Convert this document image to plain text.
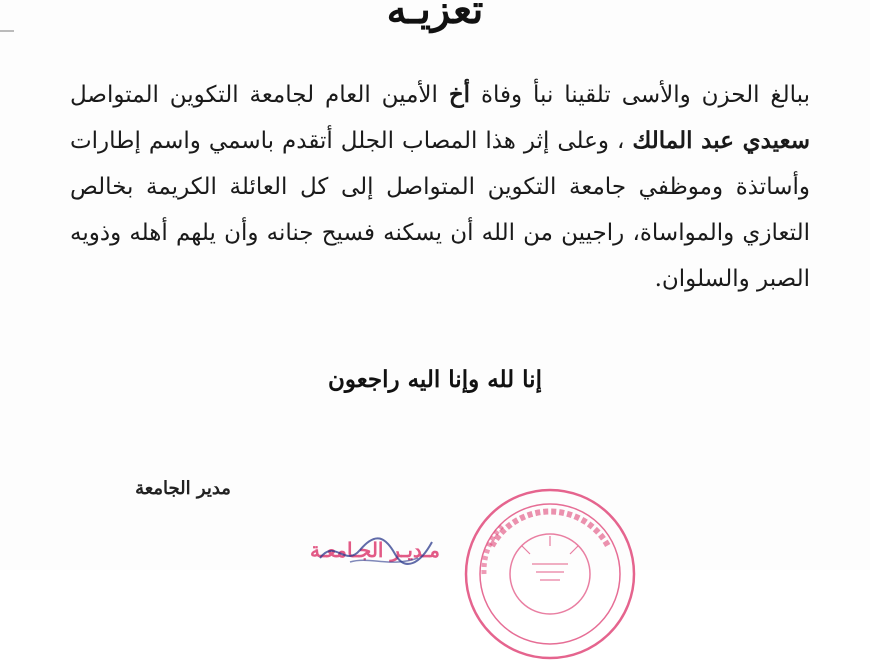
تعزيـه
ببالغ الحزن والأسى تلقينا نبأ وفاة أخ الأمين العام لجامعة التكوين المتواصل سعيدي عبد المالك ، وعلى إثر هذا المصاب الجلل أتقدم باسمي واسم إطارات وأساتذة وموظفي جامعة التكوين المتواصل إلى كل العائلة الكريمة بخالص التعازي والمواساة، راجيين من الله أن يسكنه فسيح جنانه وأن يلهم أهله وذويه الصبر والسلوان.
إنا لله وإنا اليه راجعون
مدير الجامعة
مـديـر الجـامعـة
